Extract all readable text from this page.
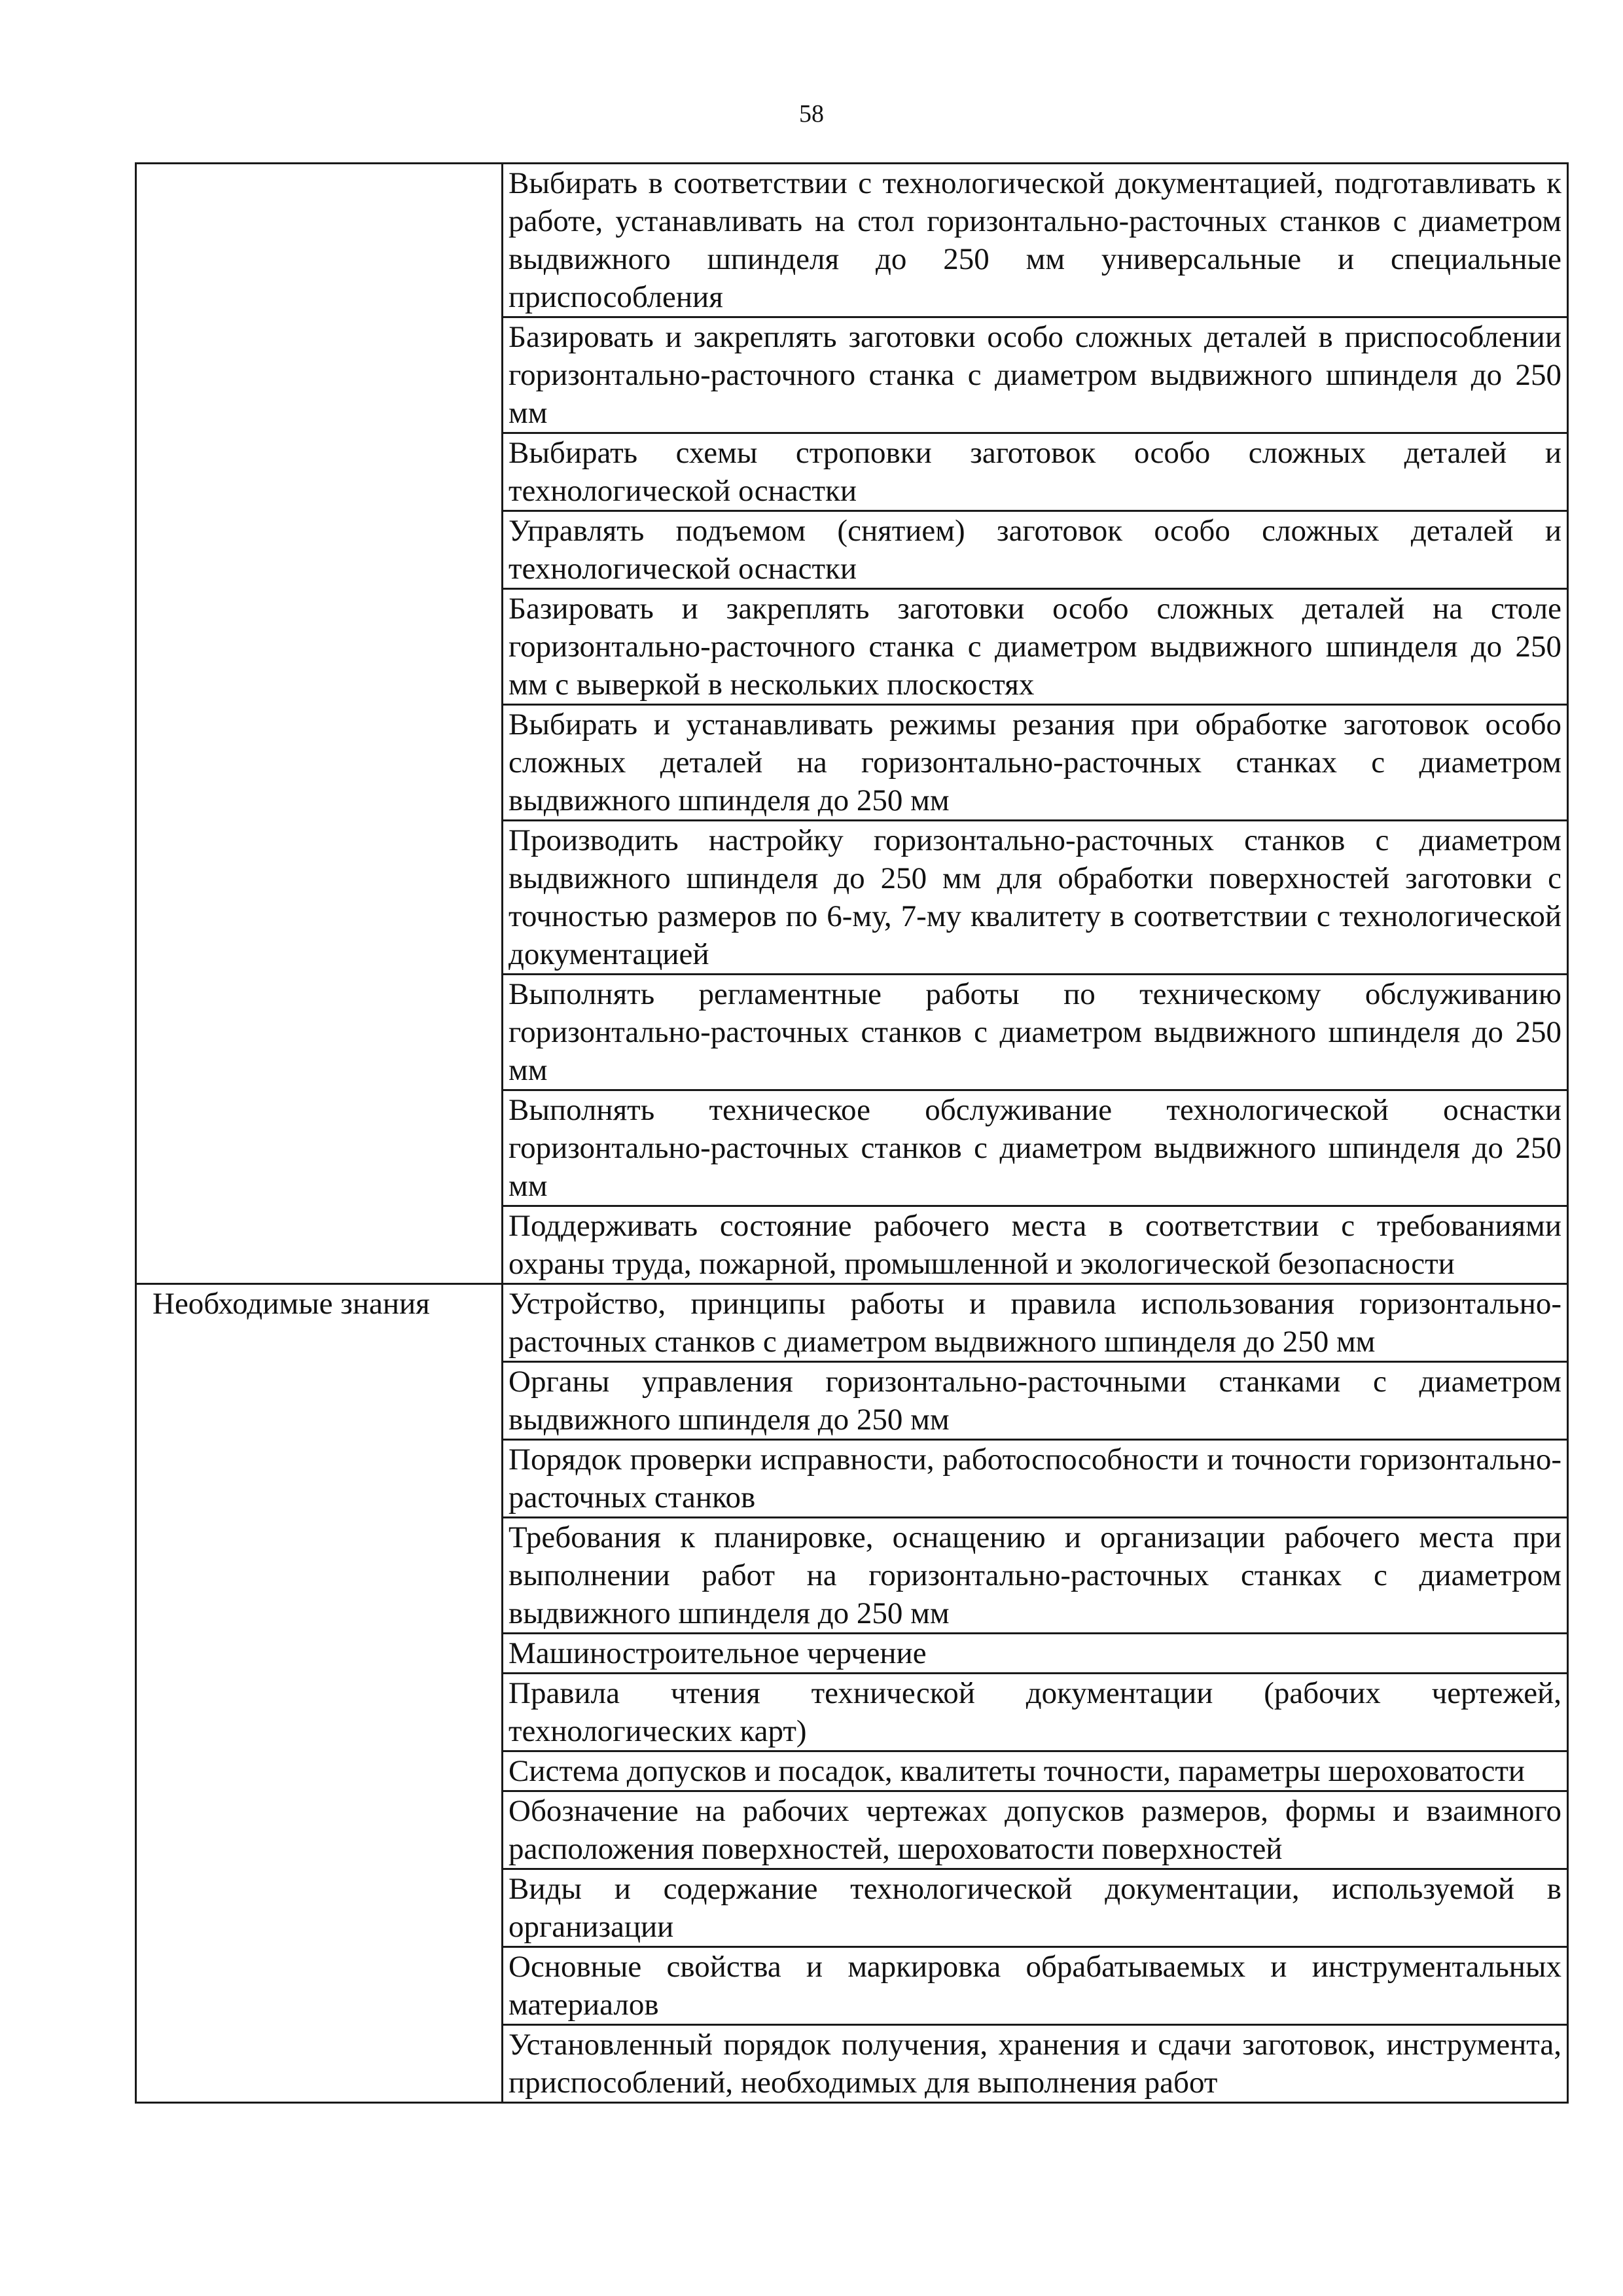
58

	Выбирать в соответствии с технологической документацией, подготавливать к работе, устанавливать на стол горизонтально-расточных станков с диаметром выдвижного шпинделя до 250 мм универсальные и специальные приспособления

	Базировать и закреплять заготовки особо сложных деталей в приспособлении горизонтально-расточного станка с диаметром выдвижного шпинделя до 250 мм

	Выбирать схемы строповки заготовок особо сложных деталей и технологической оснастки

	Управлять подъемом (снятием) заготовок особо сложных деталей и технологической оснастки

	Базировать и закреплять заготовки особо сложных деталей на столе горизонтально-расточного станка с диаметром выдвижного шпинделя до 250 мм с выверкой в нескольких плоскостях

	Выбирать и устанавливать режимы резания при обработке заготовок особо сложных деталей на горизонтально-расточных станках с диаметром выдвижного шпинделя до 250 мм

	Производить настройку горизонтально-расточных станков с диаметром выдвижного шпинделя до 250 мм для обработки поверхностей заготовки с точностью размеров по 6-му, 7-му квалитету в соответствии с технологической документацией

	Выполнять регламентные работы по техническому обслуживанию горизонтально-расточных станков с диаметром выдвижного шпинделя до 250 мм

	Выполнять техническое обслуживание технологической оснастки горизонтально-расточных станков с диаметром выдвижного шпинделя до 250 мм

	Поддерживать состояние рабочего места в соответствии с требованиями охраны труда, пожарной, промышленной и экологической безопасности

Необходимые знания	Устройство, принципы работы и правила использования горизонтально-расточных станков с диаметром выдвижного шпинделя до 250 мм

	Органы управления горизонтально-расточными станками с диаметром выдвижного шпинделя до 250 мм

	Порядок проверки исправности, работоспособности и точности горизонтально-расточных станков

	Требования к планировке, оснащению и организации рабочего места при выполнении работ на горизонтально-расточных станках с диаметром выдвижного шпинделя до 250 мм

	Машиностроительное черчение

	Правила чтения технической документации (рабочих чертежей, технологических карт)

	Система допусков и посадок, квалитеты точности, параметры шероховатости

	Обозначение на рабочих чертежах допусков размеров, формы и взаимного расположения поверхностей, шероховатости поверхностей

	Виды и содержание технологической документации, используемой в организации

	Основные свойства и маркировка обрабатываемых и инструментальных материалов

	Установленный порядок получения, хранения и сдачи заготовок, инструмента, приспособлений, необходимых для выполнения работ
